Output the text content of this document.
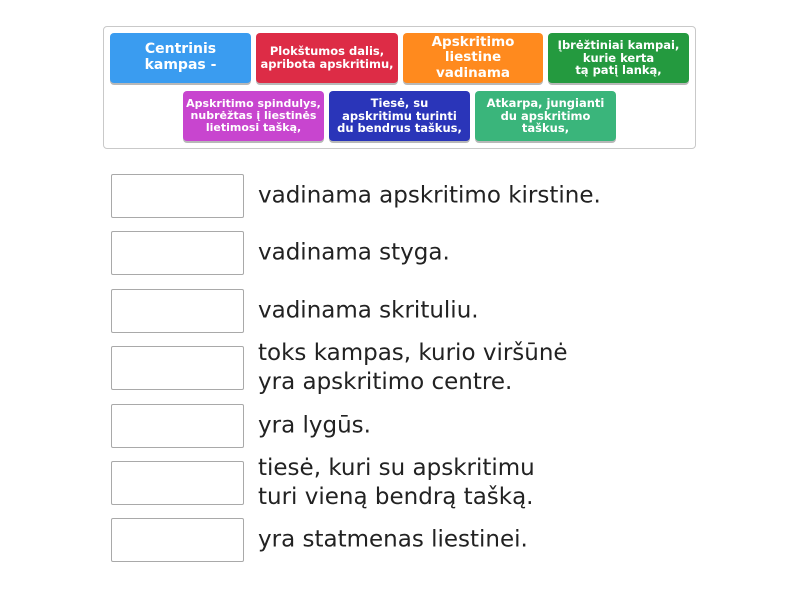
Centrinis
kampas -
Plokštumos dalis,
apribota apskritimu,
Apskritimo
liestine vadinama
Įbrėžtiniai kampai,
kurie kerta
tą patį lanką,
Apskritimo spindulys,
nubrėžtas į liestinės
lietimosi tašką,
Tiesė, su
apskritimu turinti
du bendrus taškus,
Atkarpa, jungianti
du apskritimo
taškus,
vadinama apskritimo kirstine.
vadinama styga.
vadinama skrituliu.
toks kampas, kurio viršūnė
yra apskritimo centre.
yra lygūs.
tiesė, kuri su apskritimu
turi vieną bendrą tašką.
yra statmenas liestinei.
